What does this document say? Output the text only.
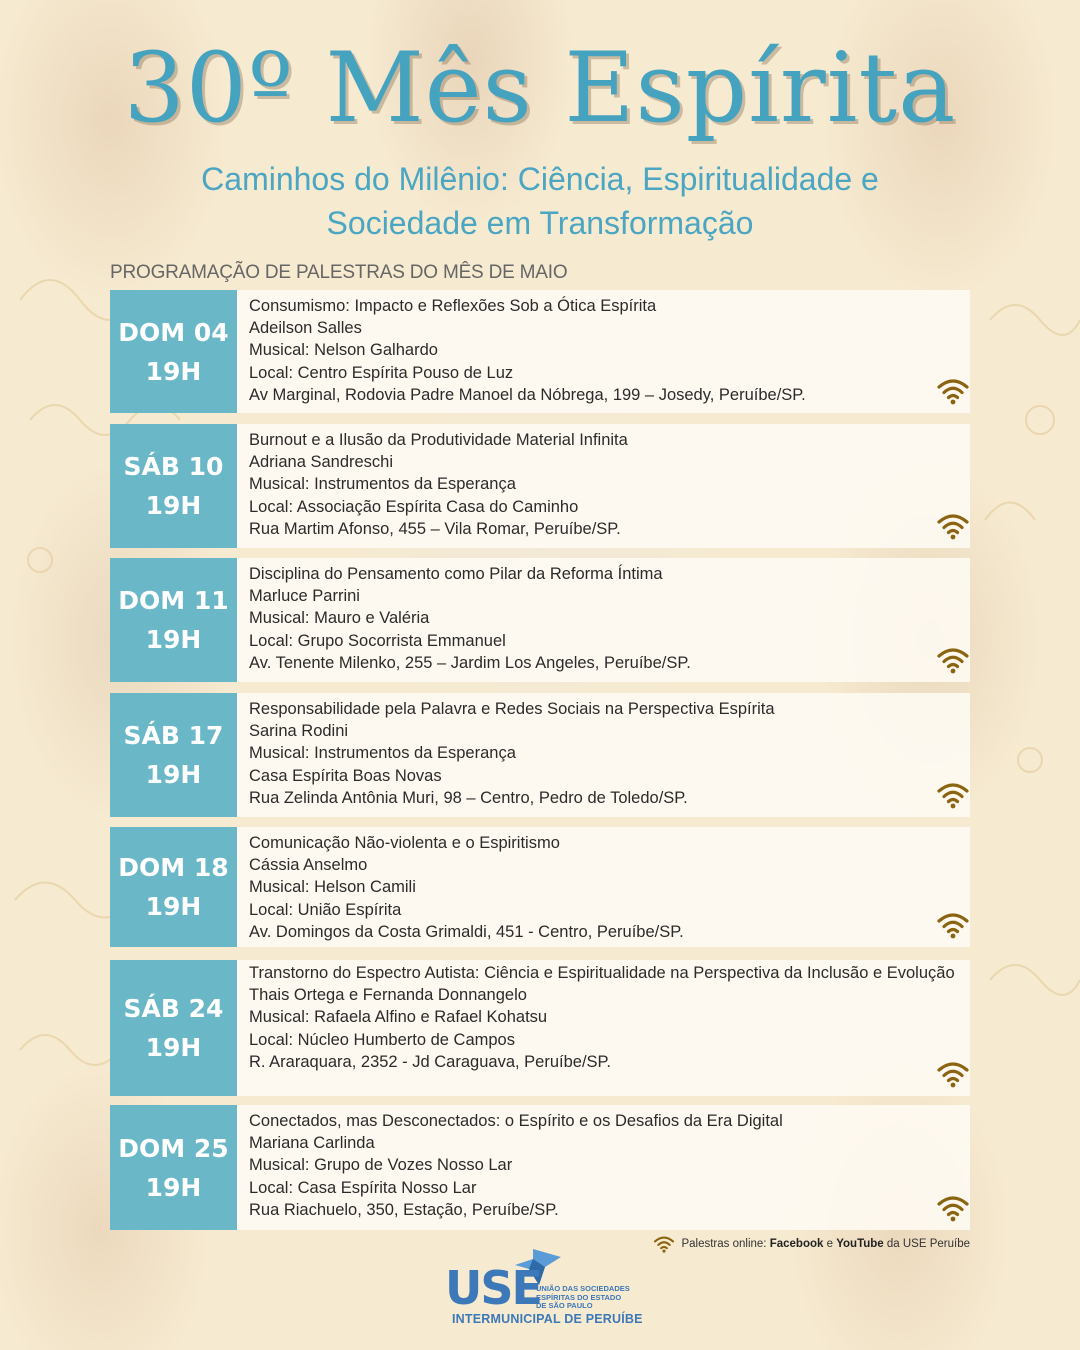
30º Mês Espírita
Caminhos do Milênio: Ciência, Espiritualidade e
Sociedade em Transformação
PROGRAMAÇÃO DE PALESTRAS DO MÊS DE MAIO
DOM 04
19H
Consumismo: Impacto e Reflexões Sob a Ótica Espírita
Adeilson Salles
Musical: Nelson Galhardo
Local: Centro Espírita Pouso de Luz
Av Marginal, Rodovia Padre Manoel da Nóbrega, 199 – Josedy, Peruíbe/SP.
SÁB 10
19H
Burnout e a Ilusão da Produtividade Material Infinita
Adriana Sandreschi
Musical: Instrumentos da Esperança
Local: Associação Espírita Casa do Caminho
Rua Martim Afonso, 455 – Vila Romar, Peruíbe/SP.
DOM 11
19H
Disciplina do Pensamento como Pilar da Reforma Íntima
Marluce Parrini
Musical: Mauro e Valéria
Local: Grupo Socorrista Emmanuel
Av. Tenente Milenko, 255 – Jardim Los Angeles, Peruíbe/SP.
SÁB 17
19H
Responsabilidade pela Palavra e Redes Sociais na Perspectiva Espírita
Sarina Rodini
Musical: Instrumentos da Esperança
Casa Espírita Boas Novas
Rua Zelinda Antônia Muri, 98 – Centro, Pedro de Toledo/SP.
DOM 18
19H
Comunicação Não-violenta e o Espiritismo
Cássia Anselmo
Musical: Helson Camili
Local: União Espírita
Av. Domingos da Costa Grimaldi, 451 - Centro, Peruíbe/SP.
SÁB 24
19H
Transtorno do Espectro Autista: Ciência e Espiritualidade na Perspectiva da Inclusão e Evolução
Thais Ortega e Fernanda Donnangelo
Musical: Rafaela Alfino e Rafael Kohatsu
Local: Núcleo Humberto de Campos
R. Araraquara, 2352 - Jd Caraguava, Peruíbe/SP.
DOM 25
19H
Conectados, mas Desconectados: o Espírito e os Desafios da Era Digital
Mariana Carlinda
Musical: Grupo de Vozes Nosso Lar
Local: Casa Espírita Nosso Lar
Rua Riachuelo, 350, Estação, Peruíbe/SP.
Palestras online: Facebook e YouTube da USE Peruíbe
USE
UNIÃO DAS SOCIEDADES
ESPÍRITAS DO ESTADO
DE SÃO PAULO
INTERMUNICIPAL DE PERUÍBE
